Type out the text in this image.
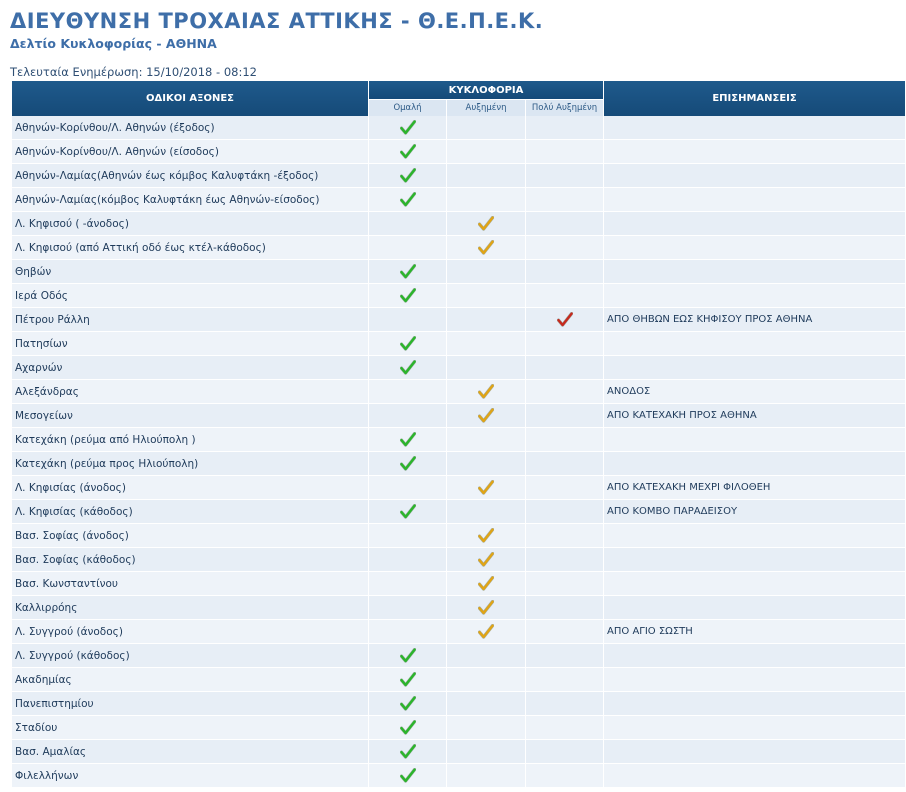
ΔΙΕΥΘΥΝΣΗ ΤΡΟΧΑΙΑΣ ΑΤΤΙΚΗΣ - Θ.Ε.Π.Ε.Κ.
Δελτίο Κυκλοφορίας - ΑΘΗΝΑ
Τελευταία Ενημέρωση: 15/10/2018 - 08:12
ΟΔΙΚΟΙ ΑΞΟΝΕΣ	ΚΥΚΛΟΦΟΡΙΑ			ΕΠΙΣΗΜΑΝΣΕΙΣ
	Ομαλή	Αυξημένη	Πολύ Αυξημένη	
Αθηνών-Κορίνθου/Λ. Αθηνών (έξοδος)	

Αθηνών-Κορίνθου/Λ. Αθηνών (είσοδος)	

Αθηνών-Λαμίας(Αθηνών έως κόμβος Καλυφτάκη -έξοδος)	

Αθηνών-Λαμίας(κόμβος Καλυφτάκη έως Αθηνών-είσοδος)	

Λ. Κηφισού ( -άνοδος)		

Λ. Κηφισού (από Αττική οδό έως κτέλ-κάθοδος)		

Θηβών	

Ιερά Οδός	

Πέτρου Ράλλη				ΑΠΟ ΘΗΒΩΝ ΕΩΣ ΚΗΦΙΣΟΥ ΠΡΟΣ ΑΘΗΝΑ
Πατησίων	

Αχαρνών	

Αλεξάνδρας				ΑΝΟΔΟΣ
Μεσογείων				ΑΠΟ ΚΑΤΕΧΑΚΗ ΠΡΟΣ ΑΘΗΝΑ
Κατεχάκη (ρεύμα από Ηλιούπολη )	

Κατεχάκη (ρεύμα προς Ηλιούπολη)	

Λ. Κηφισίας (άνοδος)				ΑΠΟ ΚΑΤΕΧΑΚΗ ΜΕΧΡΙ ΦΙΛΟΘΕΗ
Λ. Κηφισίας (κάθοδος)				ΑΠΟ ΚΟΜΒΟ ΠΑΡΑΔΕΙΣΟΥ
Βασ. Σοφίας (άνοδος)		

Βασ. Σοφίας (κάθοδος)		

Βασ. Κωνσταντίνου		

Καλλιρρόης		

Λ. Συγγρού (άνοδος)				ΑΠΟ ΑΓΙΟ ΣΩΣΤΗ
Λ. Συγγρού (κάθοδος)	

Ακαδημίας	

Πανεπιστημίου	

Σταδίου	

Βασ. Αμαλίας	

Φιλελλήνων	
